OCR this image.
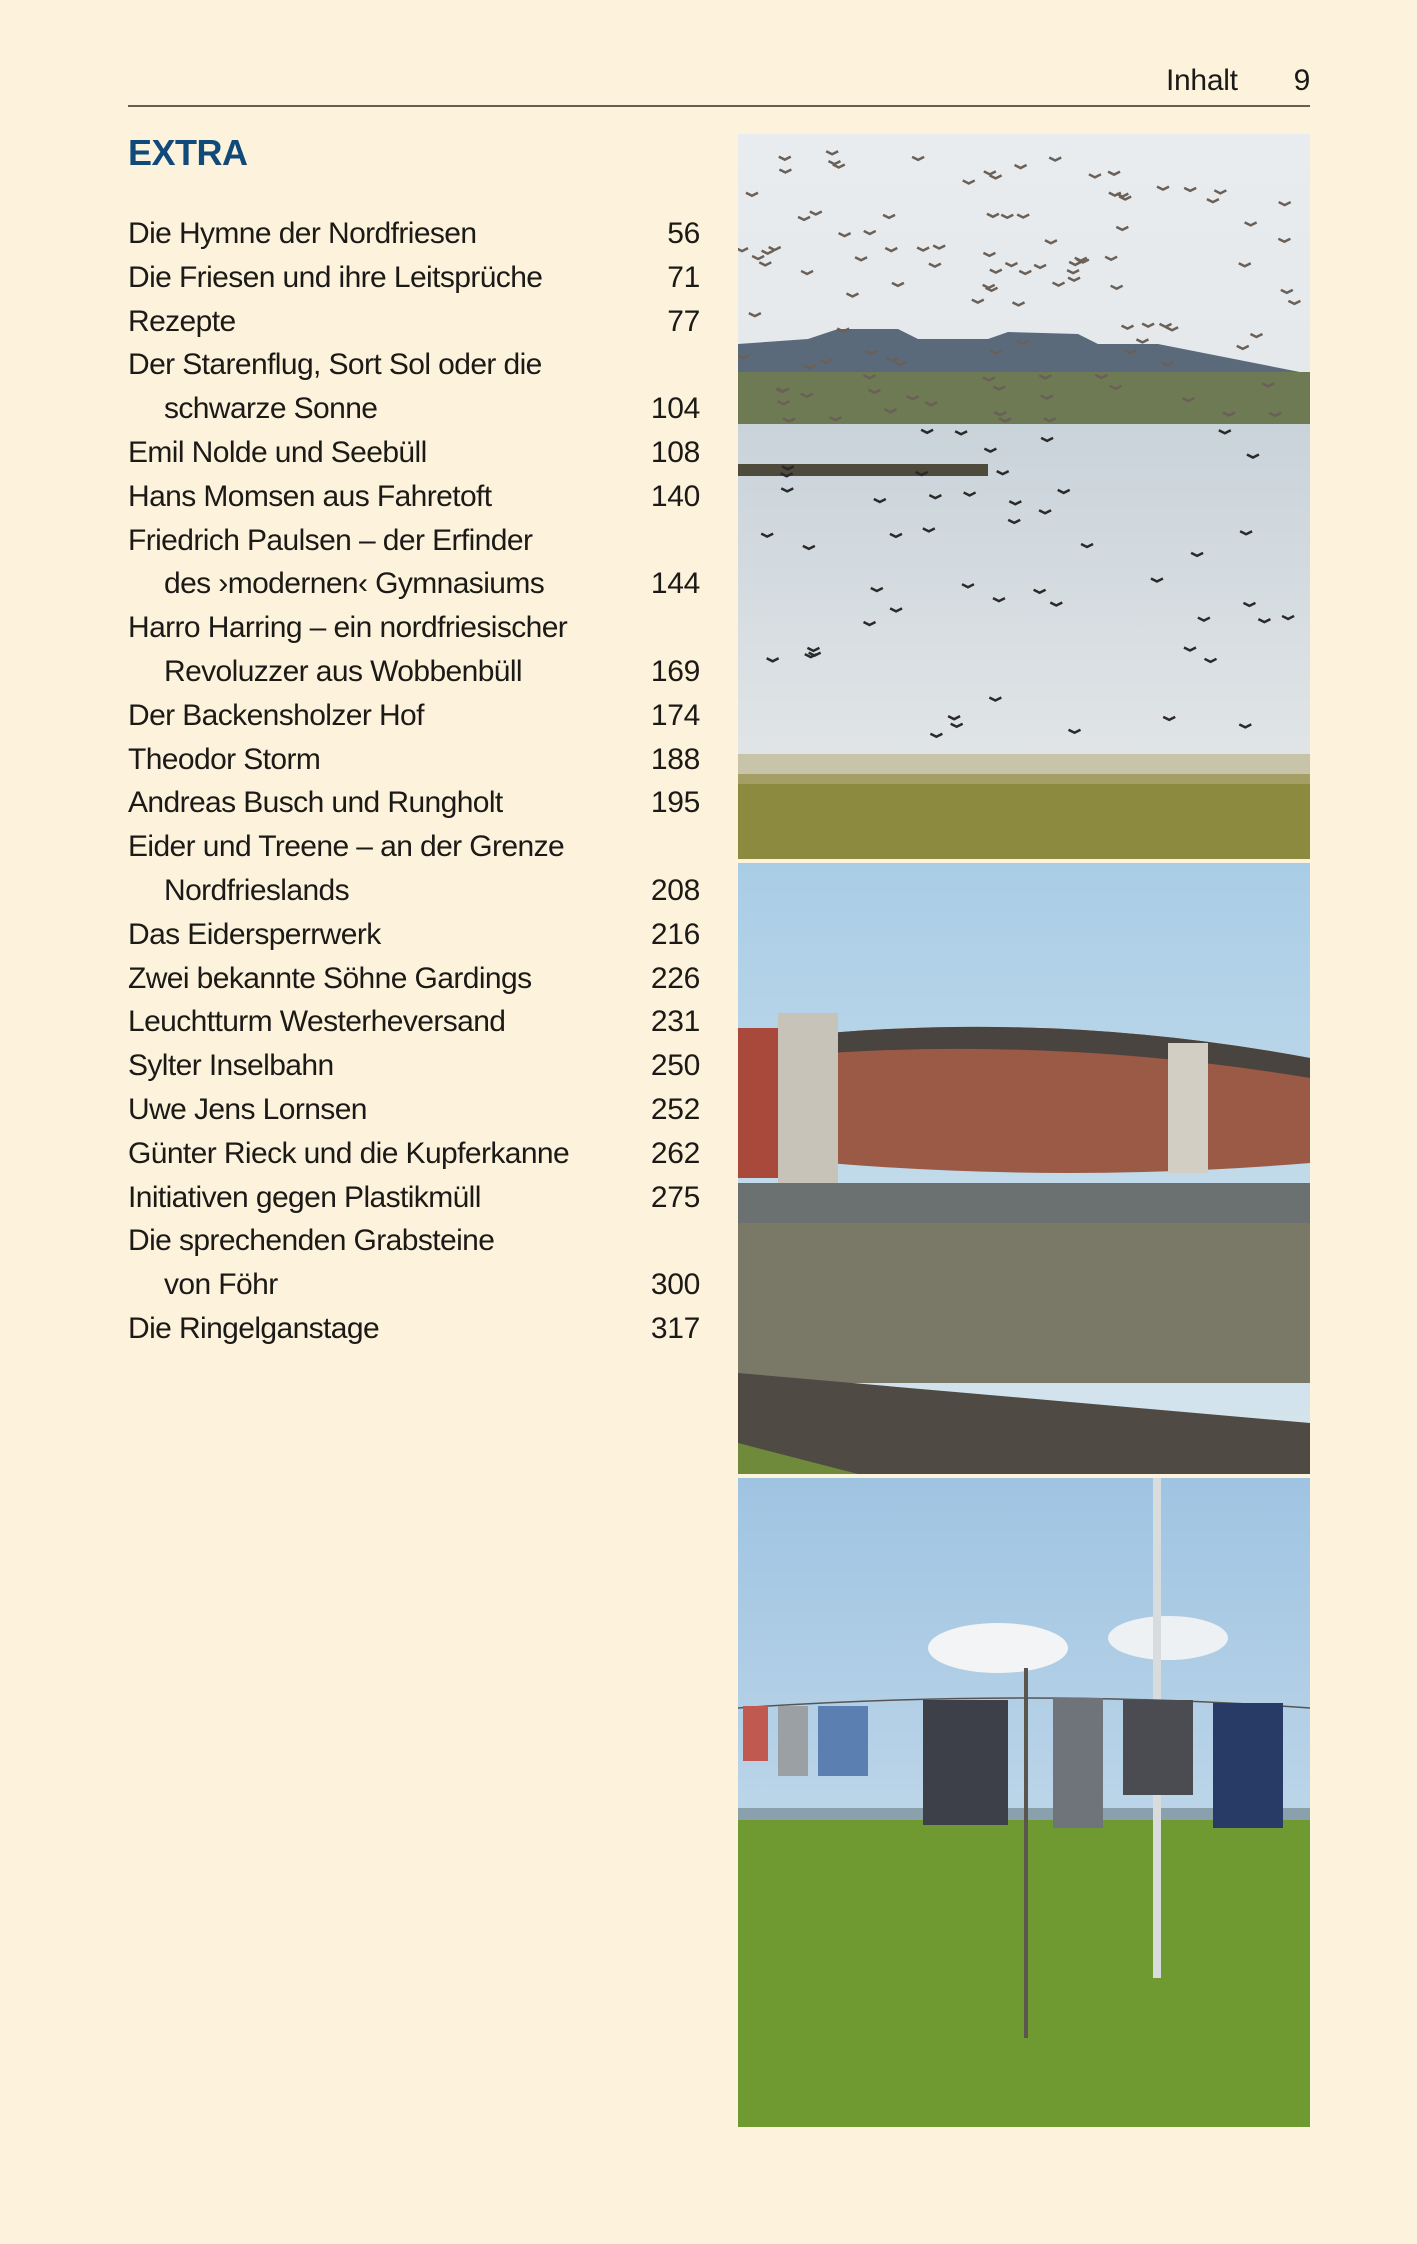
Inhalt 9
EXTRA
Die Hymne der Nordfriesen	56
Die Friesen und ihre Leitsprüche	71
Rezepte	77
Der Starenflug, Sort Sol oder die
schwarze Sonne	104
Emil Nolde und Seebüll	108
Hans Momsen aus Fahretoft	140
Friedrich Paulsen – der Erfinder
des ›modernen‹ Gymnasiums	144
Harro Harring – ein nordfriesischer
Revoluzzer aus Wobbenbüll	169
Der Backensholzer Hof	174
Theodor Storm	188
Andreas Busch und Rungholt	195
Eider und Treene – an der Grenze
Nordfrieslands	208
Das Eidersperrwerk	216
Zwei bekannte Söhne Gardings	226
Leuchtturm Westerheversand	231
Sylter Inselbahn	250
Uwe Jens Lornsen	252
Günter Rieck und die Kupferkanne	262
Initiativen gegen Plastikmüll	275
Die sprechenden Grabsteine
von Föhr	300
Die Ringelganstage	317
